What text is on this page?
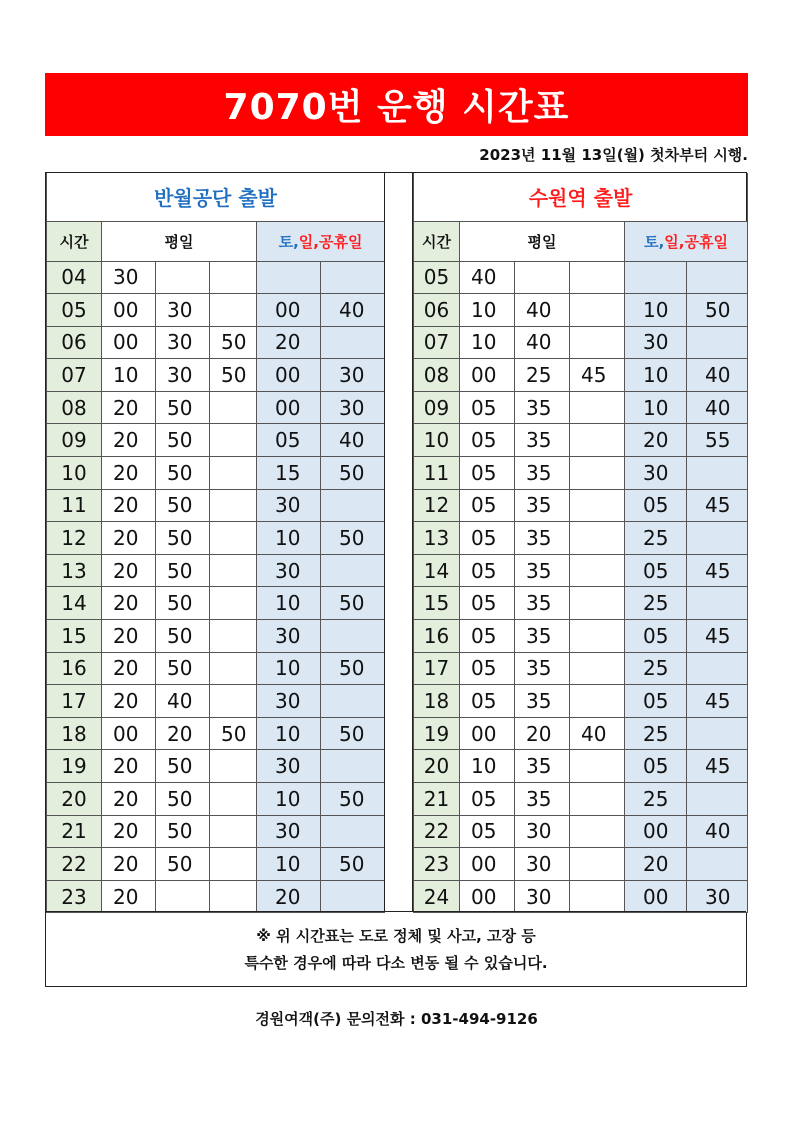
7070번 운행 시간표
2023년 11월 13일(월) 첫차부터 시행.
반월공단 출발					
시간	평일			토,일,공휴일	
04	30				
05	00	30		00	40
06	00	30	50	20	
07	10	30	50	00	30
08	20	50		00	30
09	20	50		05	40
10	20	50		15	50
11	20	50		30	
12	20	50		10	50
13	20	50		30	
14	20	50		10	50
15	20	50		30	
16	20	50		10	50
17	20	40		30	
18	00	20	50	10	50
19	20	50		30	
20	20	50		10	50
21	20	50		30	
22	20	50		10	50
23	20			20	
수원역 출발					
시간	평일			토,일,공휴일	
05	40				
06	10	40		10	50
07	10	40		30	
08	00	25	45	10	40
09	05	35		10	40
10	05	35		20	55
11	05	35		30	
12	05	35		05	45
13	05	35		25	
14	05	35		05	45
15	05	35		25	
16	05	35		05	45
17	05	35		25	
18	05	35		05	45
19	00	20	40	25	
20	10	35		05	45
21	05	35		25	
22	05	30		00	40
23	00	30		20	
24	00	30		00	30
※ 위 시간표는 도로 정체 및 사고, 고장 등
특수한 경우에 따라 다소 변동 될 수 있습니다.
경원여객(주) 문의전화 : 031-494-9126
